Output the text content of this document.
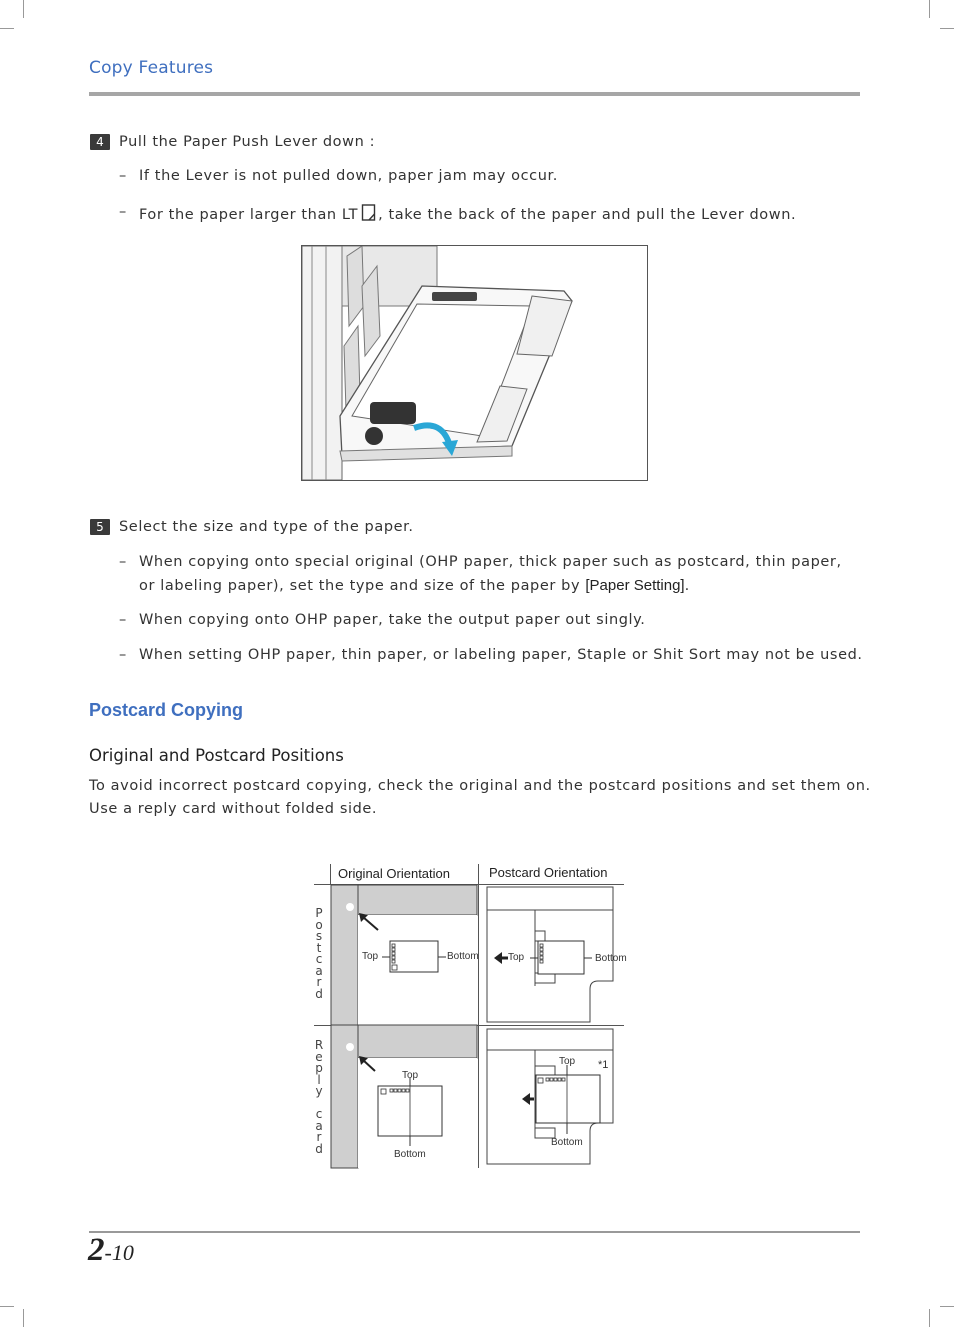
Copy Features
4	Pull the Paper Push Lever down :
– If the Lever is not pulled down, paper jam may occur.
– For the paper larger than LT , take the back of the paper and pull the Lever down.
5	Select the size and type of the paper.
– When copying onto special original (OHP paper, thick paper such as postcard, thin paper,
or labeling paper), set the type and size of the paper by [Paper Setting].
– When copying onto OHP paper, take the output paper out singly.
– When setting OHP paper, thin paper, or labeling paper, Staple or Shit Sort may not be used.
Postcard Copying
Original and Postcard Positions
To avoid incorrect postcard copying, check the original and the postcard positions and set them on.
Use a reply card without folded side.
Original Orientation	Postcard Orientation
P
o
s
t
c
a
r
d
R
e
p
l
y
c
a
r
d
Top	Bottom	Top	Bottom
Top
Bottom
Top
Bottom
*1
2-10
